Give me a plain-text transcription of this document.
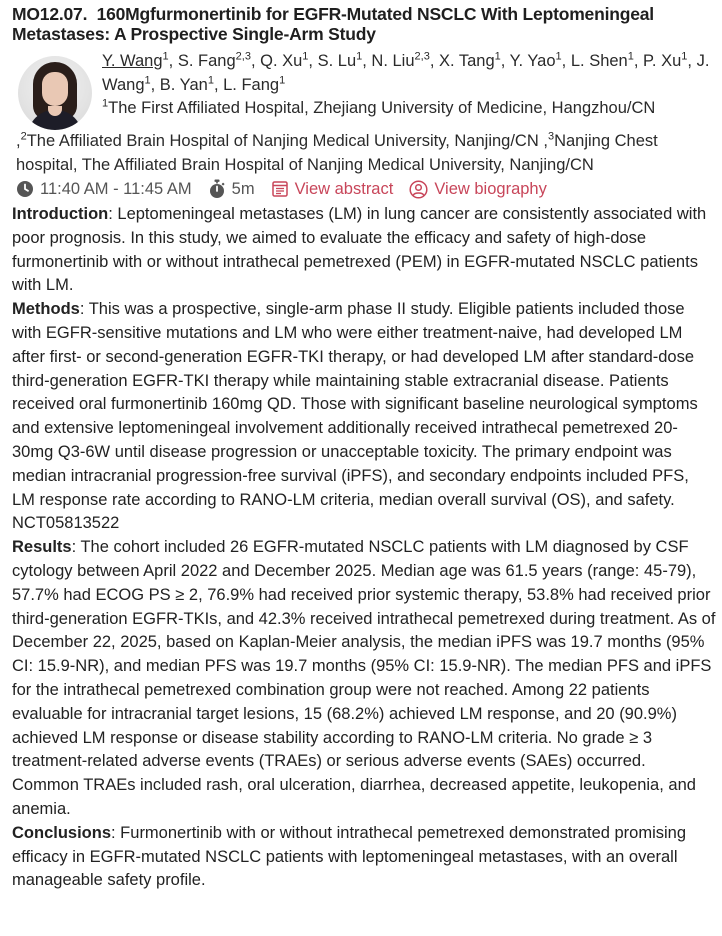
MO12.07. 160Mgfurmonertinib for EGFR-Mutated NSCLC With Leptomeningeal Metastases: A Prospective Single-Arm Study
Y. Wang$^1$, S. Fang$^{2,3}$, Q. Xu$^1$, S. Lu$^1$, N. Liu$^{2,3}$, X. Tang$^1$, Y. Yao$^1$, L. Shen$^1$, P. Xu$^1$, J. Wang$^1$, B. Yan$^1$, L. Fang$^1$
$^1$The First Affiliated Hospital, Zhejiang University of Medicine, Hangzhou/CN
,$^2$The Affiliated Brain Hospital of Nanjing Medical University, Nanjing/CN ,$^3$Nanjing Chest hospital, The Affiliated Brain Hospital of Nanjing Medical University, Nanjing/CN
11:40 AM - 11:45 AM 5m View abstract View biography

Introduction: Leptomeningeal metastases (LM) in lung cancer are consistently associated with poor prognosis. In this study, we aimed to evaluate the efficacy and safety of high-dose furmonertinib with or without intrathecal pemetrexed (PEM) in EGFR-mutated NSCLC patients with LM.

Methods: This was a prospective, single-arm phase II study. Eligible patients included those with EGFR-sensitive mutations and LM who were either treatment-naive, had developed LM after first- or second-generation EGFR-TKI therapy, or had developed LM after standard-dose third-generation EGFR-TKI therapy while maintaining stable extracranial disease. Patients received oral furmonertinib 160mg QD. Those with significant baseline neurological symptoms and extensive leptomeningeal involvement additionally received intrathecal pemetrexed 20-30mg Q3-6W until disease progression or unacceptable toxicity. The primary endpoint was median intracranial progression-free survival (iPFS), and secondary endpoints included PFS, LM response rate according to RANO-LM criteria, median overall survival (OS), and safety. NCT05813522

Results: The cohort included 26 EGFR-mutated NSCLC patients with LM diagnosed by CSF cytology between April 2022 and December 2025. Median age was 61.5 years (range: 45-79), 57.7% had ECOG PS ≥ 2, 76.9% had received prior systemic therapy, 53.8% had received prior third-generation EGFR-TKIs, and 42.3% received intrathecal pemetrexed during treatment. As of December 22, 2025, based on Kaplan-Meier analysis, the median iPFS was 19.7 months (95% CI: 15.9-NR), and median PFS was 19.7 months (95% CI: 15.9-NR). The median PFS and iPFS for the intrathecal pemetrexed combination group were not reached. Among 22 patients evaluable for intracranial target lesions, 15 (68.2%) achieved LM response, and 20 (90.9%) achieved LM response or disease stability according to RANO-LM criteria. No grade ≥ 3 treatment-related adverse events (TRAEs) or serious adverse events (SAEs) occurred. Common TRAEs included rash, oral ulceration, diarrhea, decreased appetite, leukopenia, and anemia.

Conclusions: Furmonertinib with or without intrathecal pemetrexed demonstrated promising efficacy in EGFR-mutated NSCLC patients with leptomeningeal metastases, with an overall manageable safety profile.
